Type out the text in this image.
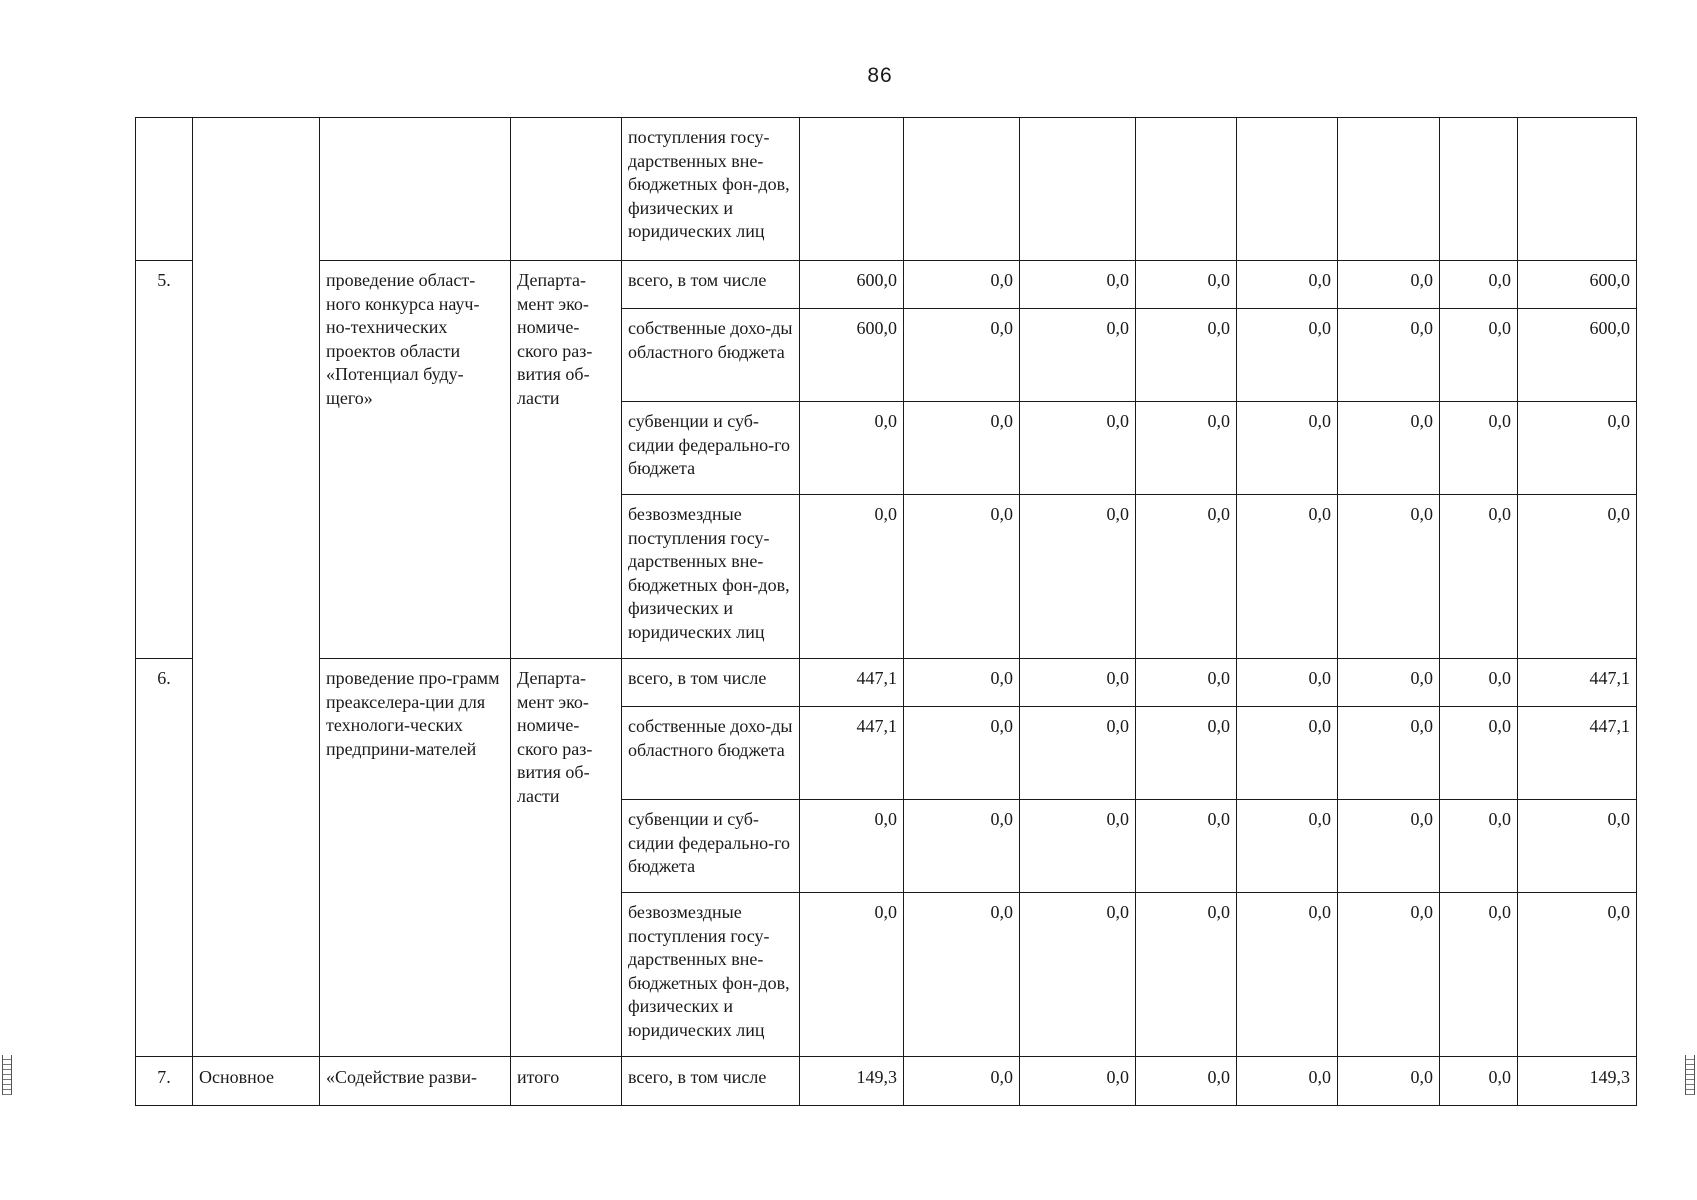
86
				поступления госу-дарственных вне-бюджетных фон-дов, физических и юридических лиц								
5.		проведение област-ного конкурса науч-но-технических проектов области «Потенциал буду-щего»	Департа-мент эко-номиче-ского раз-вития об-ласти	всего, в том числе	600,0	0,0	0,0	0,0	0,0	0,0	0,0	600,0
				собственные дохо-ды областного бюджета	600,0	0,0	0,0	0,0	0,0	0,0	0,0	600,0
				субвенции и суб-сидии федерально-го бюджета	0,0	0,0	0,0	0,0	0,0	0,0	0,0	0,0
				безвозмездные поступления госу-дарственных вне-бюджетных фон-дов, физических и юридических лиц	0,0	0,0	0,0	0,0	0,0	0,0	0,0	0,0
6.		проведение про-грамм преакселера-ции для технологи-ческих предприни-мателей	Департа-мент эко-номиче-ского раз-вития об-ласти	всего, в том числе	447,1	0,0	0,0	0,0	0,0	0,0	0,0	447,1
				собственные дохо-ды областного бюджета	447,1	0,0	0,0	0,0	0,0	0,0	0,0	447,1
				субвенции и суб-сидии федерально-го бюджета	0,0	0,0	0,0	0,0	0,0	0,0	0,0	0,0
				безвозмездные поступления госу-дарственных вне-бюджетных фон-дов, физических и юридических лиц	0,0	0,0	0,0	0,0	0,0	0,0	0,0	0,0
7.	Основное	«Содействие разви-	итого	всего, в том числе	149,3	0,0	0,0	0,0	0,0	0,0	0,0	149,3
